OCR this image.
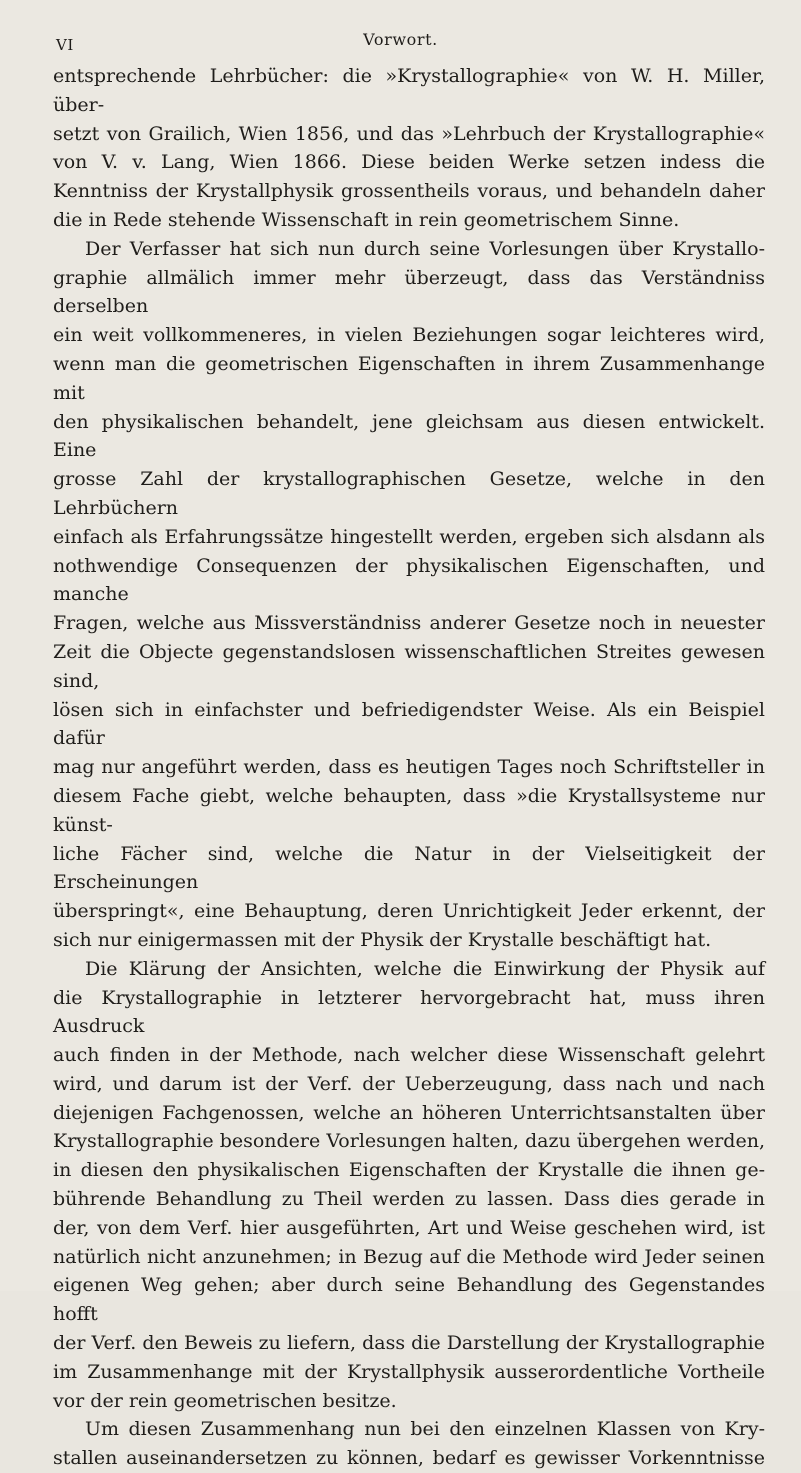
VI	Vorwort.
entsprechende Lehrbücher: die »Krystallographie« von W. H. Miller, über-
setzt von Grailich, Wien 1856, und das »Lehrbuch der Krystallographie«
von V. v. Lang, Wien 1866. Diese beiden Werke setzen indess die
Kenntniss der Krystallphysik grossentheils voraus, und behandeln daher
die in Rede stehende Wissenschaft in rein geometrischem Sinne.
Der Verfasser hat sich nun durch seine Vorlesungen über Krystallo-
graphie allmälich immer mehr überzeugt, dass das Verständniss derselben
ein weit vollkommeneres, in vielen Beziehungen sogar leichteres wird,
wenn man die geometrischen Eigenschaften in ihrem Zusammenhange mit
den physikalischen behandelt, jene gleichsam aus diesen entwickelt. Eine
grosse Zahl der krystallographischen Gesetze, welche in den Lehrbüchern
einfach als Erfahrungssätze hingestellt werden, ergeben sich alsdann als
nothwendige Consequenzen der physikalischen Eigenschaften, und manche
Fragen, welche aus Missverständniss anderer Gesetze noch in neuester
Zeit die Objecte gegenstandslosen wissenschaftlichen Streites gewesen sind,
lösen sich in einfachster und befriedigendster Weise. Als ein Beispiel dafür
mag nur angeführt werden, dass es heutigen Tages noch Schriftsteller in
diesem Fache giebt, welche behaupten, dass »die Krystallsysteme nur künst-
liche Fächer sind, welche die Natur in der Vielseitigkeit der Erscheinungen
überspringt«, eine Behauptung, deren Unrichtigkeit Jeder erkennt, der
sich nur einigermassen mit der Physik der Krystalle beschäftigt hat.
Die Klärung der Ansichten, welche die Einwirkung der Physik auf
die Krystallographie in letzterer hervorgebracht hat, muss ihren Ausdruck
auch finden in der Methode, nach welcher diese Wissenschaft gelehrt
wird, und darum ist der Verf. der Ueberzeugung, dass nach und nach
diejenigen Fachgenossen, welche an höheren Unterrichtsanstalten über
Krystallographie besondere Vorlesungen halten, dazu übergehen werden,
in diesen den physikalischen Eigenschaften der Krystalle die ihnen ge-
bührende Behandlung zu Theil werden zu lassen. Dass dies gerade in
der, von dem Verf. hier ausgeführten, Art und Weise geschehen wird, ist
natürlich nicht anzunehmen; in Bezug auf die Methode wird Jeder seinen
eigenen Weg gehen; aber durch seine Behandlung des Gegenstandes hofft
der Verf. den Beweis zu liefern, dass die Darstellung der Krystallographie
im Zusammenhange mit der Krystallphysik ausserordentliche Vortheile
vor der rein geometrischen besitze.
Um diesen Zusammenhang nun bei den einzelnen Klassen von Kry-
stallen auseinandersetzen zu können, bedarf es gewisser Vorkenntnisse
